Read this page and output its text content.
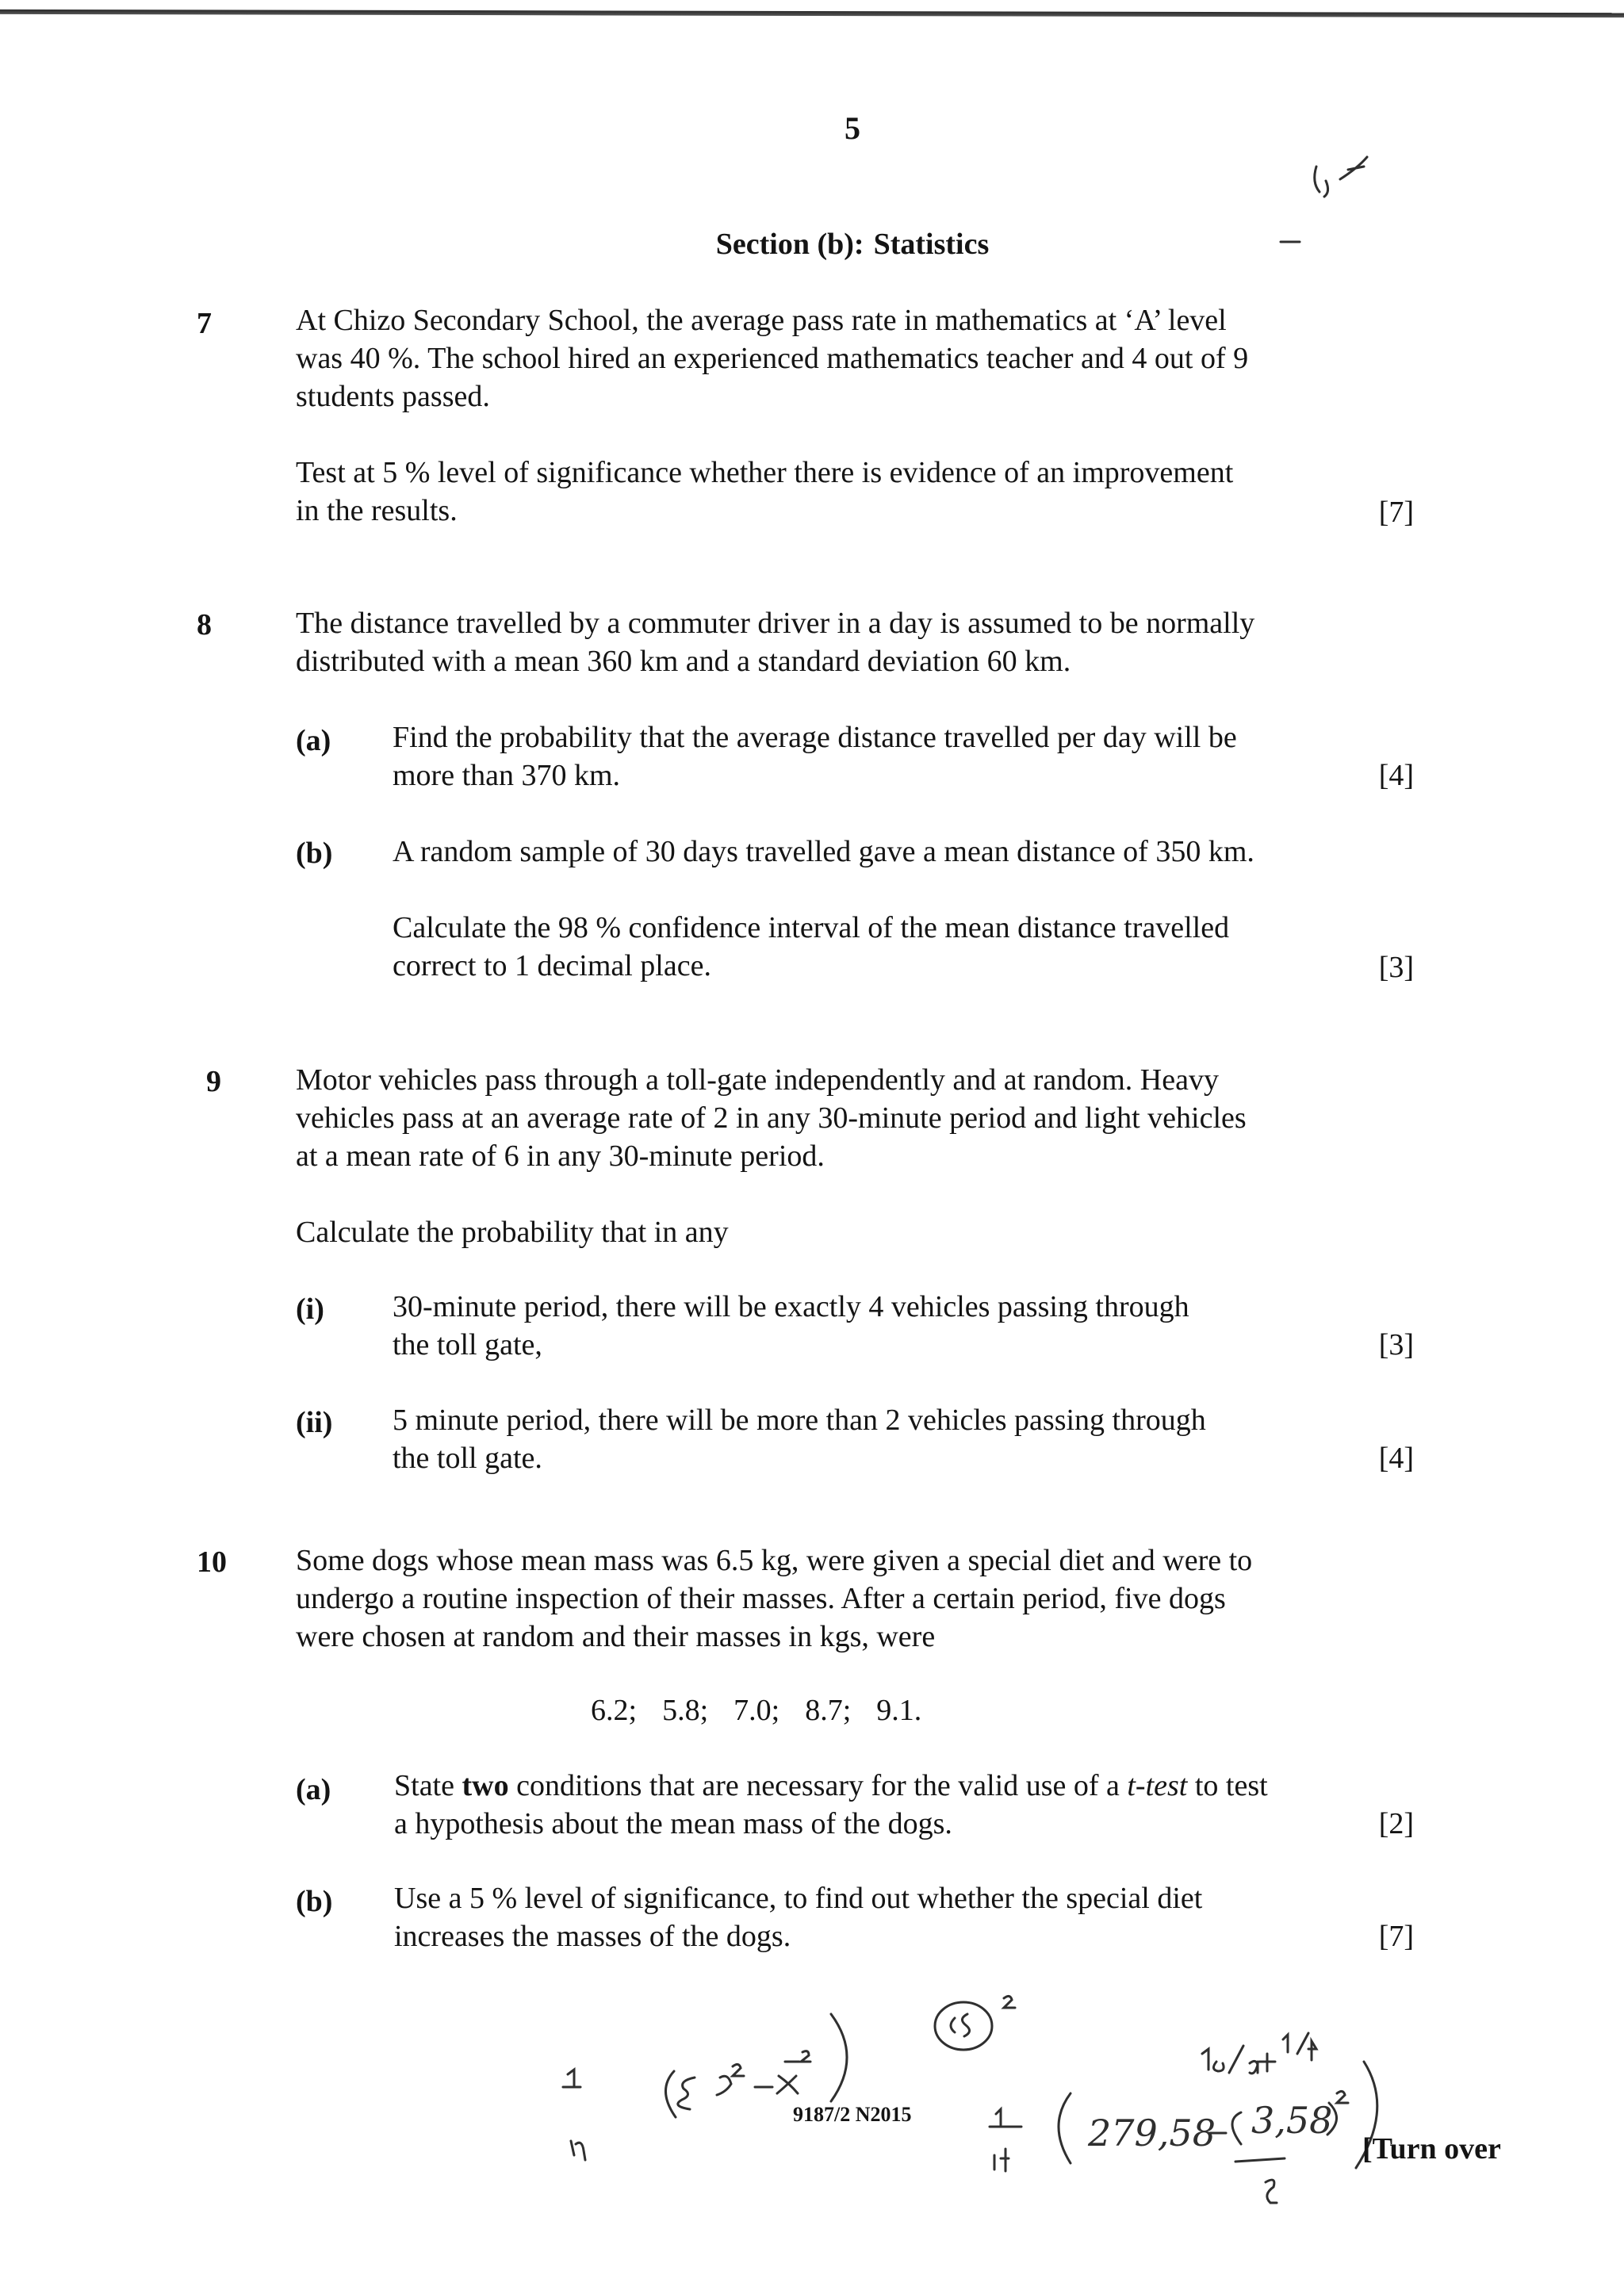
5
Section (b): Statistics
7	At Chizo Secondary School, the average pass rate in mathematics at ‘A’ level
was 40 %. The school hired an experienced mathematics teacher and 4 out of 9
students passed.
Test at 5 % level of significance whether there is evidence of an improvement
in the results.	[7]
8	The distance travelled by a commuter driver in a day is assumed to be normally
distributed with a mean 360 km and a standard deviation 60 km.
(a) Find the probability that the average distance travelled per day will be
more than 370 km.	[4]
(b) A random sample of 30 days travelled gave a mean distance of 350 km.
Calculate the 98 % confidence interval of the mean distance travelled
correct to 1 decimal place.	[3]
9 Motor vehicles pass through a toll-gate independently and at random. Heavy
vehicles pass at an average rate of 2 in any 30-minute period and light vehicles
at a mean rate of 6 in any 30-minute period.
Calculate the probability that in any
(i) 30-minute period, there will be exactly 4 vehicles passing through
the toll gate,	[3]
(ii) 5 minute period, there will be more than 2 vehicles passing through
the toll gate.	[4]
10 Some dogs whose mean mass was 6.5 kg, were given a special diet and were to
undergo a routine inspection of their masses. After a certain period, five dogs
were chosen at random and their masses in kgs, were
6.2; 5.8; 7.0; 8.7; 9.1.
(a) State two conditions that are necessary for the valid use of a t-test to test
a hypothesis about the mean mass of the dogs.	[2]
(b) Use a 5 % level of significance, to find out whether the special diet
increases the masses of the dogs.	[7]
279,58 3,58
9187/2 N2015
[Turn over
